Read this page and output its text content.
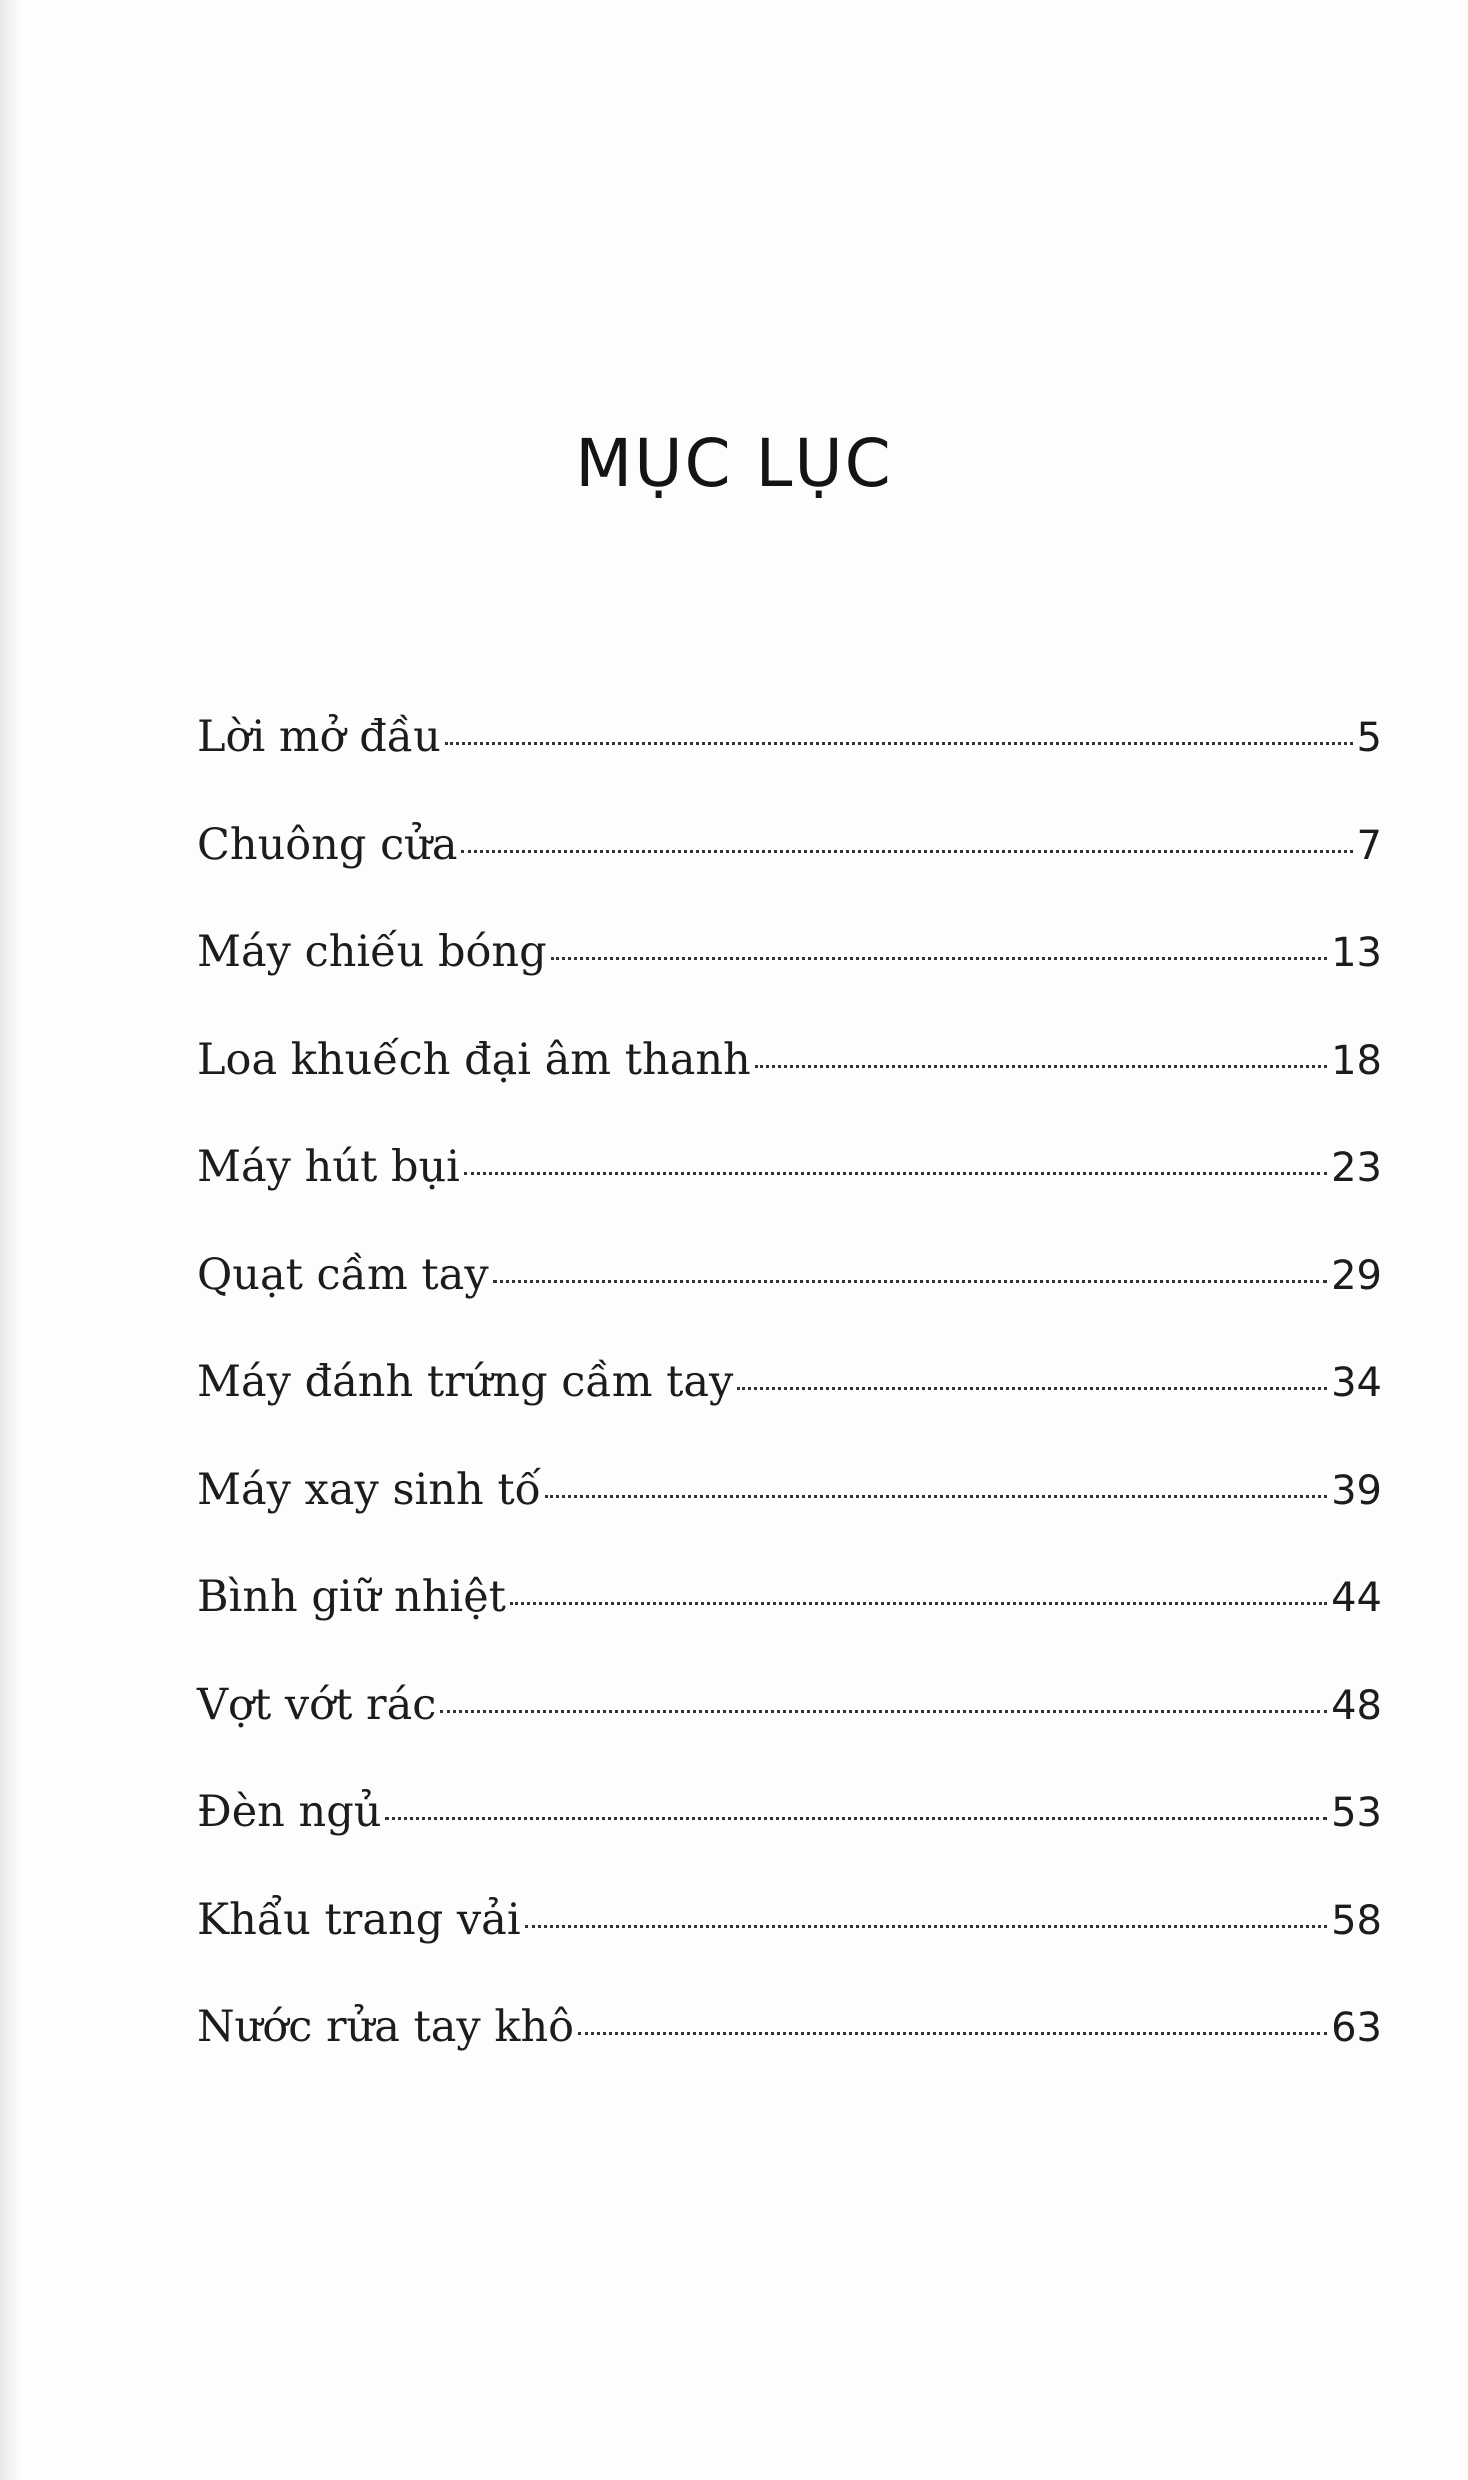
MỤC LỤC
Lời mở đầu	5
Chuông cửa	7
Máy chiếu bóng	13
Loa khuếch đại âm thanh	18
Máy hút bụi	23
Quạt cầm tay	29
Máy đánh trứng cầm tay	34
Máy xay sinh tố	39
Bình giữ nhiệt	44
Vợt vớt rác	48
Đèn ngủ	53
Khẩu trang vải	58
Nước rửa tay khô	63
